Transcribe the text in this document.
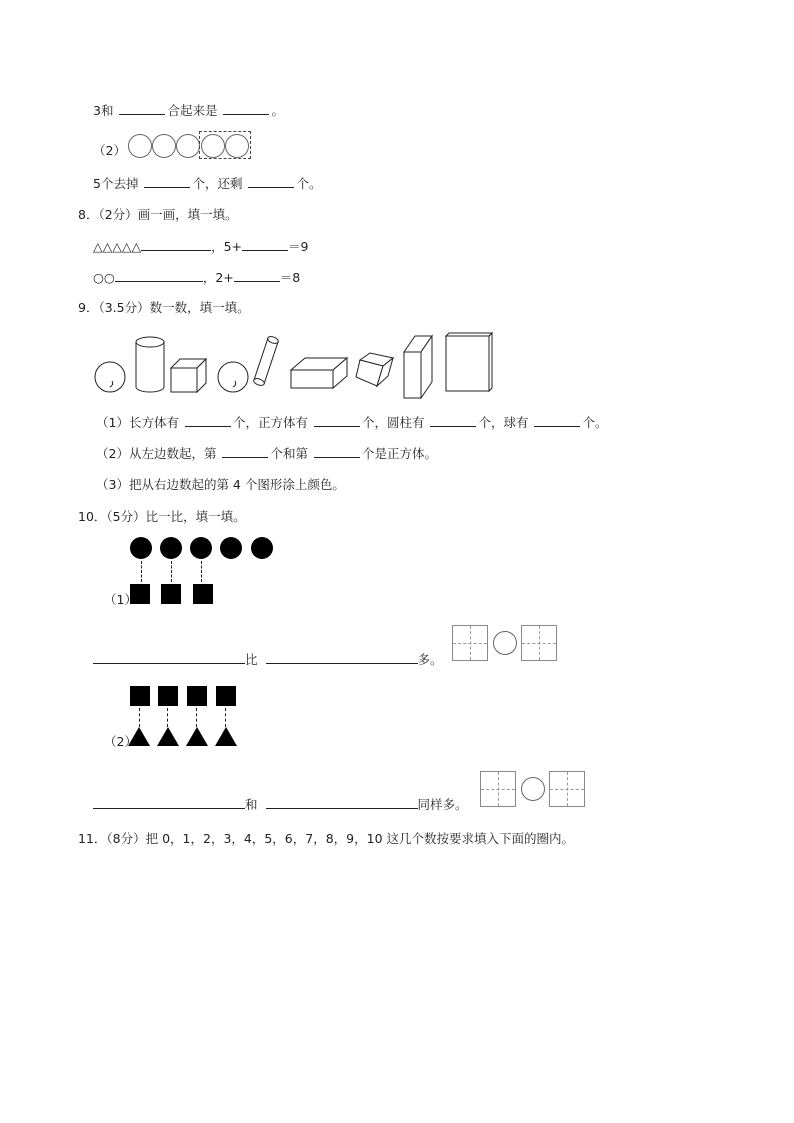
3和	合起来是	。
（2）
5个去掉	个，还剩	个。
8．（2分）画一画，填一填。
△△△△△	，5+	＝9
○○	，2+	＝8
9．（3.5分）数一数，填一填。
（1）长方体有	个，正方体有	个，圆柱有	个，球有	个。
（2）从左边数起，第	个和第	个是正方体。
（3）把从右边数起的第 4 个图形涂上颜色。
10．（5分）比一比，填一填。
（1）
比	多。
（2）
和	同样多。
11．（8分）把 0，1，2，3，4，5，6，7，8，9，10 这几个数按要求填入下面的圈内。
